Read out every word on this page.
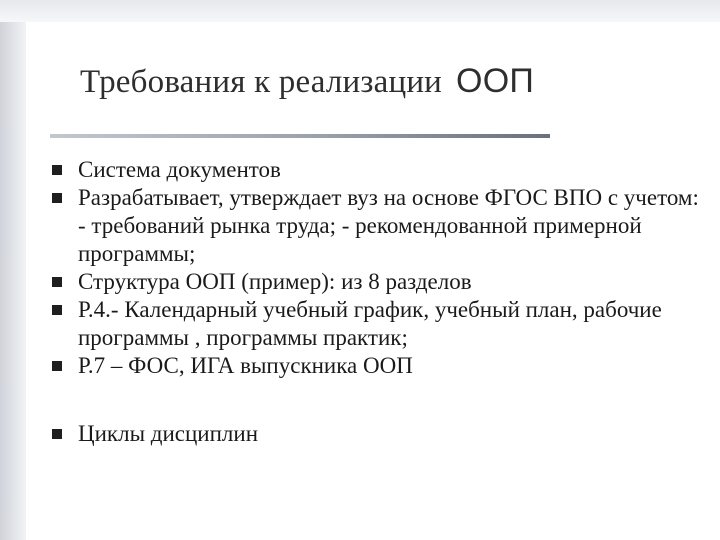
Требования к реализации ООП
Система документов
Разрабатывает, утверждает вуз на основе ФГОС ВПО с учетом: - требований рынка труда; - рекомендованной примерной программы;
Структура ООП (пример): из 8 разделов
Р.4.- Календарный учебный график, учебный план, рабочие программы , программы практик;
Р.7 – ФОС, ИГА выпускника ООП
Циклы дисциплин
